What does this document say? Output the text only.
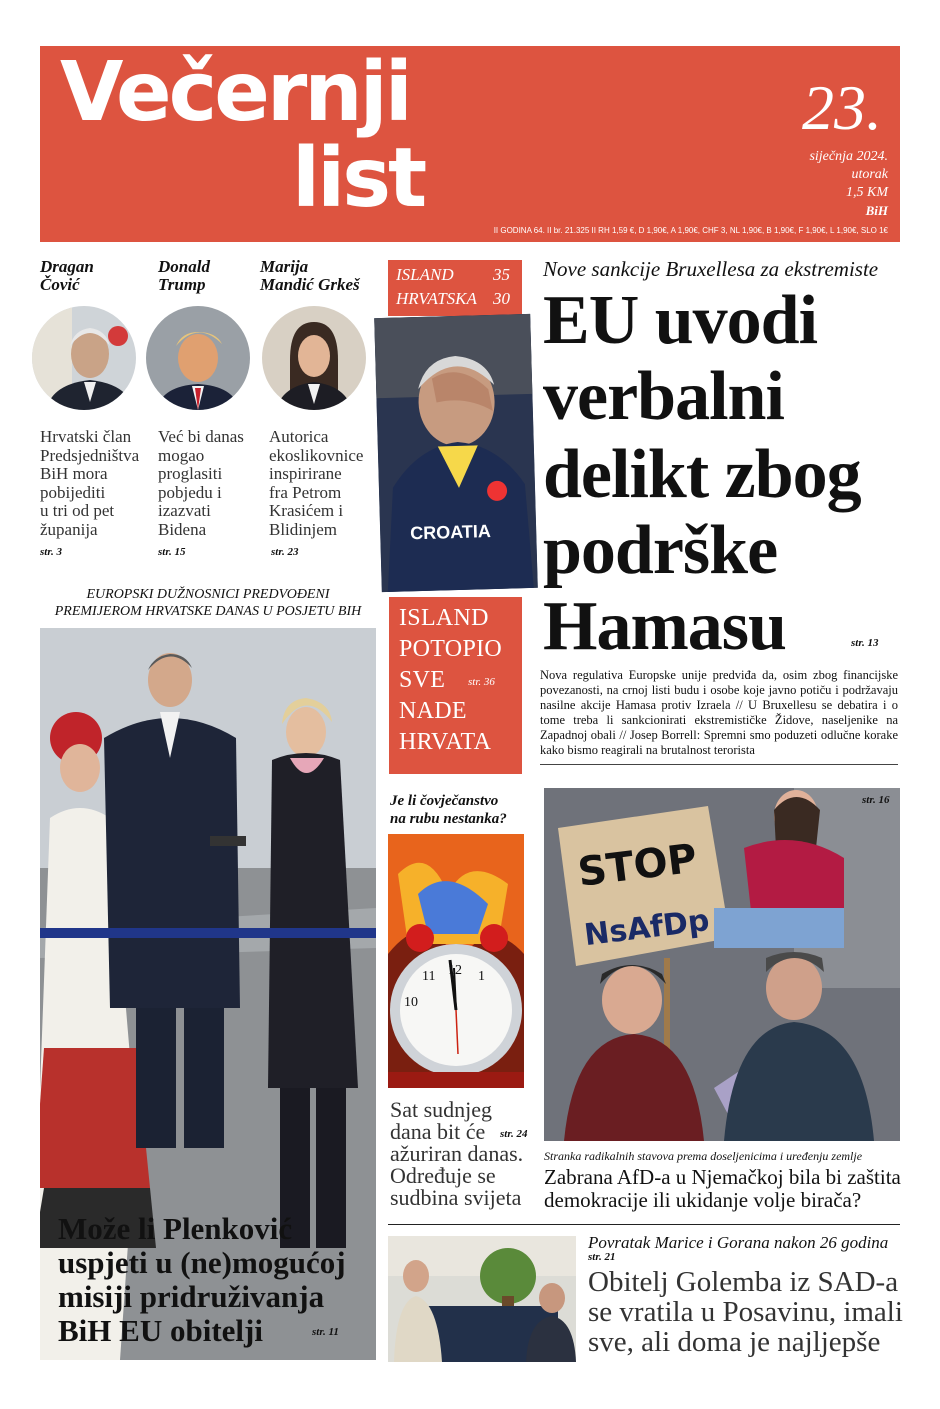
Večernji
list
23.
siječnja 2024.
utorak
1,5 KM
BiH
II GODINA 64. II br. 21.325 II RH 1,59 €, D 1,90€, A 1,90€, CHF 3, NL 1,90€, B 1,90€, F 1,90€, L 1,90€, SLO 1€
Dragan
Čović
Hrvatski član
Predsjedništva
BiH mora
pobijediti
u tri od pet
županija
str. 3
Donald
Trump
Već bi danas
mogao
proglasiti
pobjedu i
izazvati
Bidena
str. 15
Marija
Mandić Grkeš
Autorica
ekoslikovnice
inspirirane
fra Petrom
Krasićem i
Blidinjem
str. 23
ISLAND 35
HRVATSKA 30
CROATIA
ISLAND
POTOPIO
SVE
NADE
HRVATA
str. 36
Nove sankcije Bruxellesa za ekstremiste
EU uvodi
verbalni
delikt zbog
podrške
Hamasu	str. 13
Nova regulativa Europske unije predviđa da, osim zbog financijske povezanosti, na crnoj listi budu i osobe koje javno potiču i podržavaju nasilne akcije Hamasa protiv Izraela // U Bruxellesu se debatira i o tome treba li sankcionirati ekstremističke Židove, naseljenike na Zapadnoj obali // Josep Borrell: Spremni smo poduzeti odlučne korake kako bismo reagirali na brutalnost terorista
EUROPSKI DUŽNOSNICI PREDVOĐENI
PREMIJEROM HRVATSKE DANAS U POSJETU BIH
Može li Plenković
uspjeti u (ne)mogućoj
misiji pridruživanja
BiH EU obitelji	str. 11
Je li čovječanstvo
na rubu nestanka?
12
11	1
10
Sat sudnjeg
dana bit će
ažuriran danas.
Određuje se
sudbina svijeta
str. 24
STOP
NsAfDp
str. 16
Stranka radikalnih stavova prema doseljenicima i uređenju zemlje
Zabrana AfD-a u Njemačkoj bila bi zaštita demokracije ili ukidanje volje birača?
Povratak Marice i Gorana nakon 26 godina
str. 21
Obitelj Golemba iz SAD-a se vratila u Posavinu, imali sve, ali doma je najljepše
